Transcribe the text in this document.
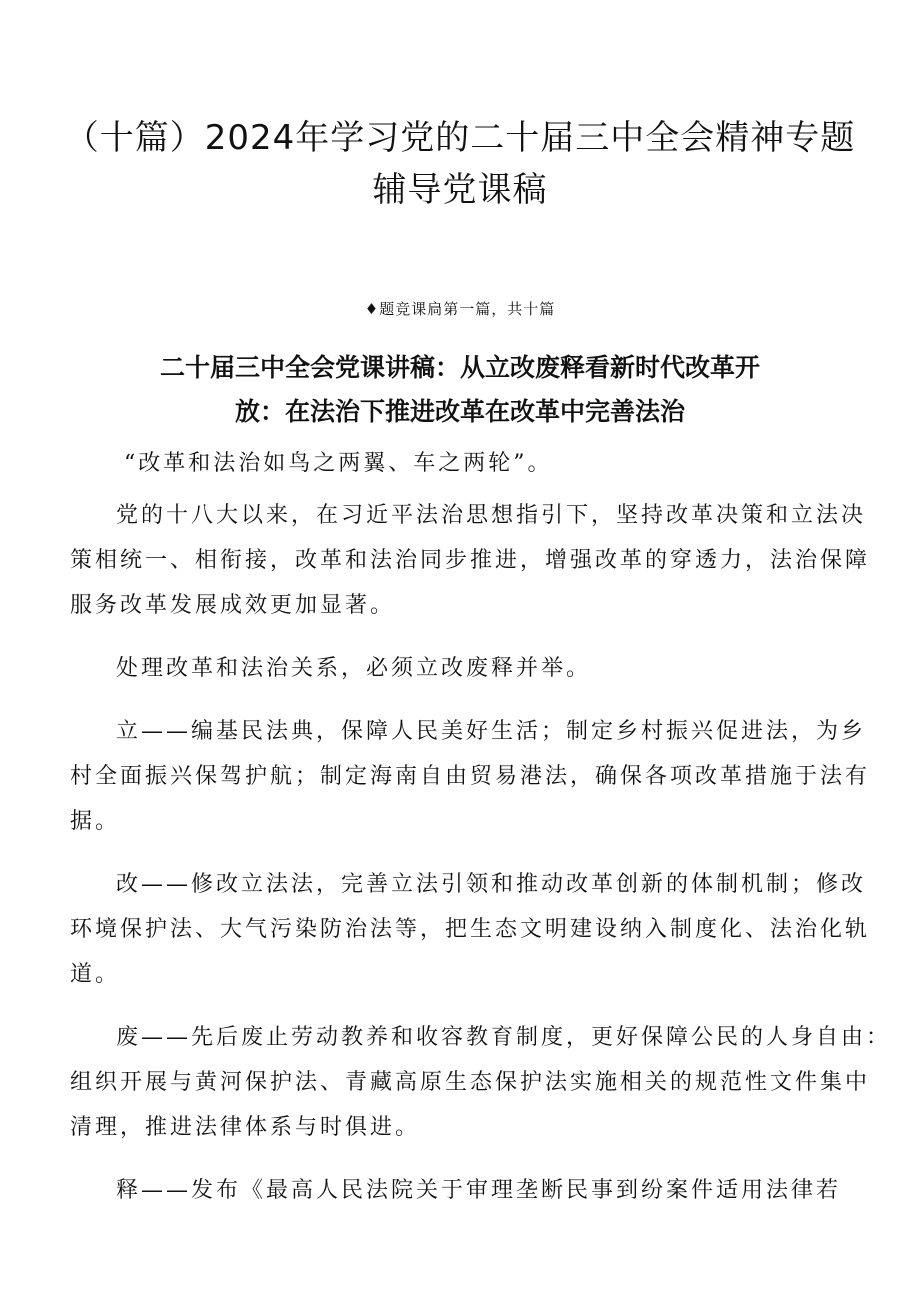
（十篇）2024年学习党的二十届三中全会精神专题
辅导党课稿
♦题竞课扃第一篇，共十篇
二十届三中全会党课讲稿：从立改废释看新时代改革开
放：在法治下推进改革在改革中完善法治

“改革和法治如鸟之两翼、车之两轮”。

党的十八大以来，在习近平法治思想指引下，坚持改革决策和立法决
策相统一、相衔接，改革和法治同步推进，增强改革的穿透力，法治保障
服务改革发展成效更加显著。

处理改革和法治关系，必须立改废释并举。

立——编基民法典，保障人民美好生活；制定乡村振兴促进法，为乡
村全面振兴保驾护航；制定海南自由贸易港法，确保各项改革措施于法有
据。

改——修改立法法，完善立法引领和推动改革创新的体制机制；修改
环境保护法、大气污染防治法等，把生态文明建设纳入制度化、法治化轨
道。

废——先后废止劳动教养和收容教育制度，更好保障公民的人身自由：
组织开展与黄河保护法、青藏高原生态保护法实施相关的规范性文件集中
清理，推进法律体系与时俱进。

释——发布《最高人民法院关于审理垄断民事到纷案件适用法律若
